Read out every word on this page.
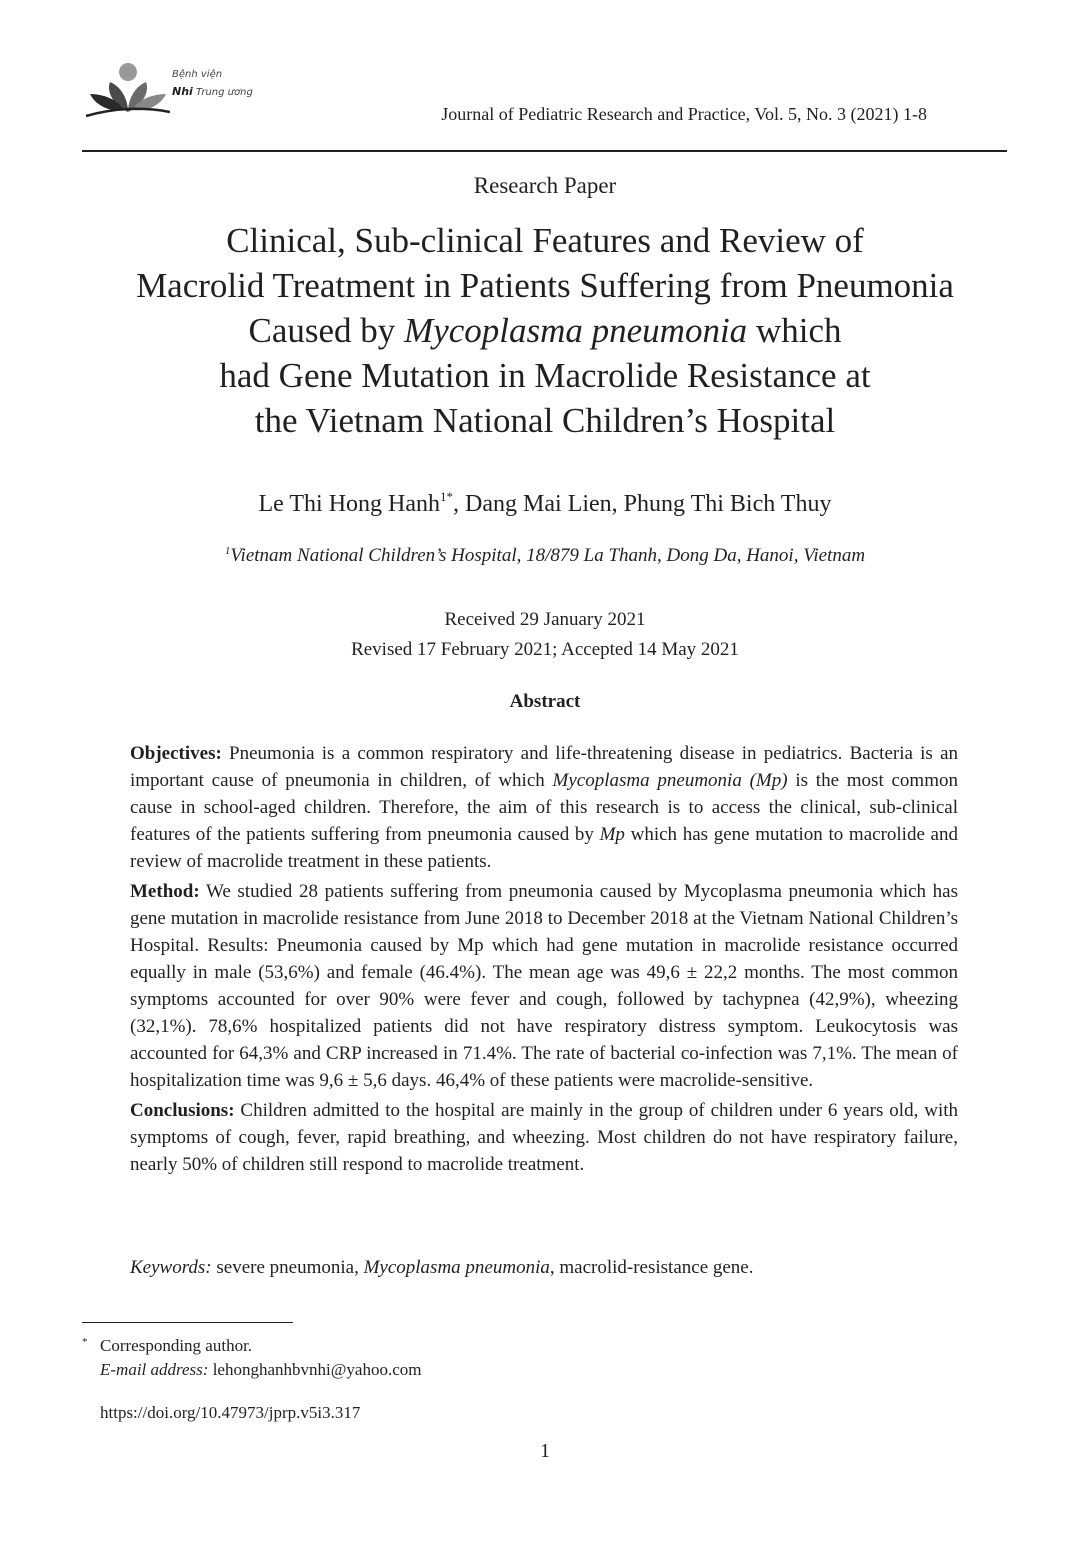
Bệnh viện
Nhi Trung ương
Journal of Pediatric Research and Practice, Vol. 5, No. 3 (2021) 1-8
Research Paper
Clinical, Sub-clinical Features and Review of
Macrolid Treatment in Patients Suffering from Pneumonia
Caused by Mycoplasma pneumonia which
had Gene Mutation in Macrolide Resistance at
the Vietnam National Children’s Hospital
Le Thi Hong Hanh$^{1*}$, Dang Mai Lien, Phung Thi Bich Thuy
$^1$Vietnam National Children’s Hospital, 18/879 La Thanh, Dong Da, Hanoi, Vietnam
Received 29 January 2021
Revised 17 February 2021; Accepted 14 May 2021
Abstract

Objectives: Pneumonia is a common respiratory and life-threatening disease in pediatrics. Bacteria is an important cause of pneumonia in children, of which Mycoplasma pneumonia (Mp) is the most common cause in school-aged children. Therefore, the aim of this research is to access the clinical, sub-clinical features of the patients suffering from pneumonia caused by Mp which has gene mutation to macrolide and review of macrolide treatment in these patients.

Method: We studied 28 patients suffering from pneumonia caused by Mycoplasma pneumonia which has gene mutation in macrolide resistance from June 2018 to December 2018 at the Vietnam National Children’s Hospital. Results: Pneumonia caused by Mp which had gene mutation in macrolide resistance occurred equally in male (53,6%) and female (46.4%). The mean age was 49,6 ± 22,2 months. The most common symptoms accounted for over 90% were fever and cough, followed by tachypnea (42,9%), wheezing (32,1%). 78,6% hospitalized patients did not have respiratory distress symptom. Leukocytosis was accounted for 64,3% and CRP increased in 71.4%. The rate of bacterial co-infection was 7,1%. The mean of hospitalization time was 9,6 ± 5,6 days. 46,4% of these patients were macrolide-sensitive.

Conclusions: Children admitted to the hospital are mainly in the group of children under 6 years old, with symptoms of cough, fever, rapid breathing, and wheezing. Most children do not have respiratory failure, nearly 50% of children still respond to macrolide treatment.

Keywords: severe pneumonia, Mycoplasma pneumonia, macrolid-resistance gene.
* Corresponding author.
E-mail address: lehonghanhbvnhi@yahoo.com
https://doi.org/10.47973/jprp.v5i3.317
1
